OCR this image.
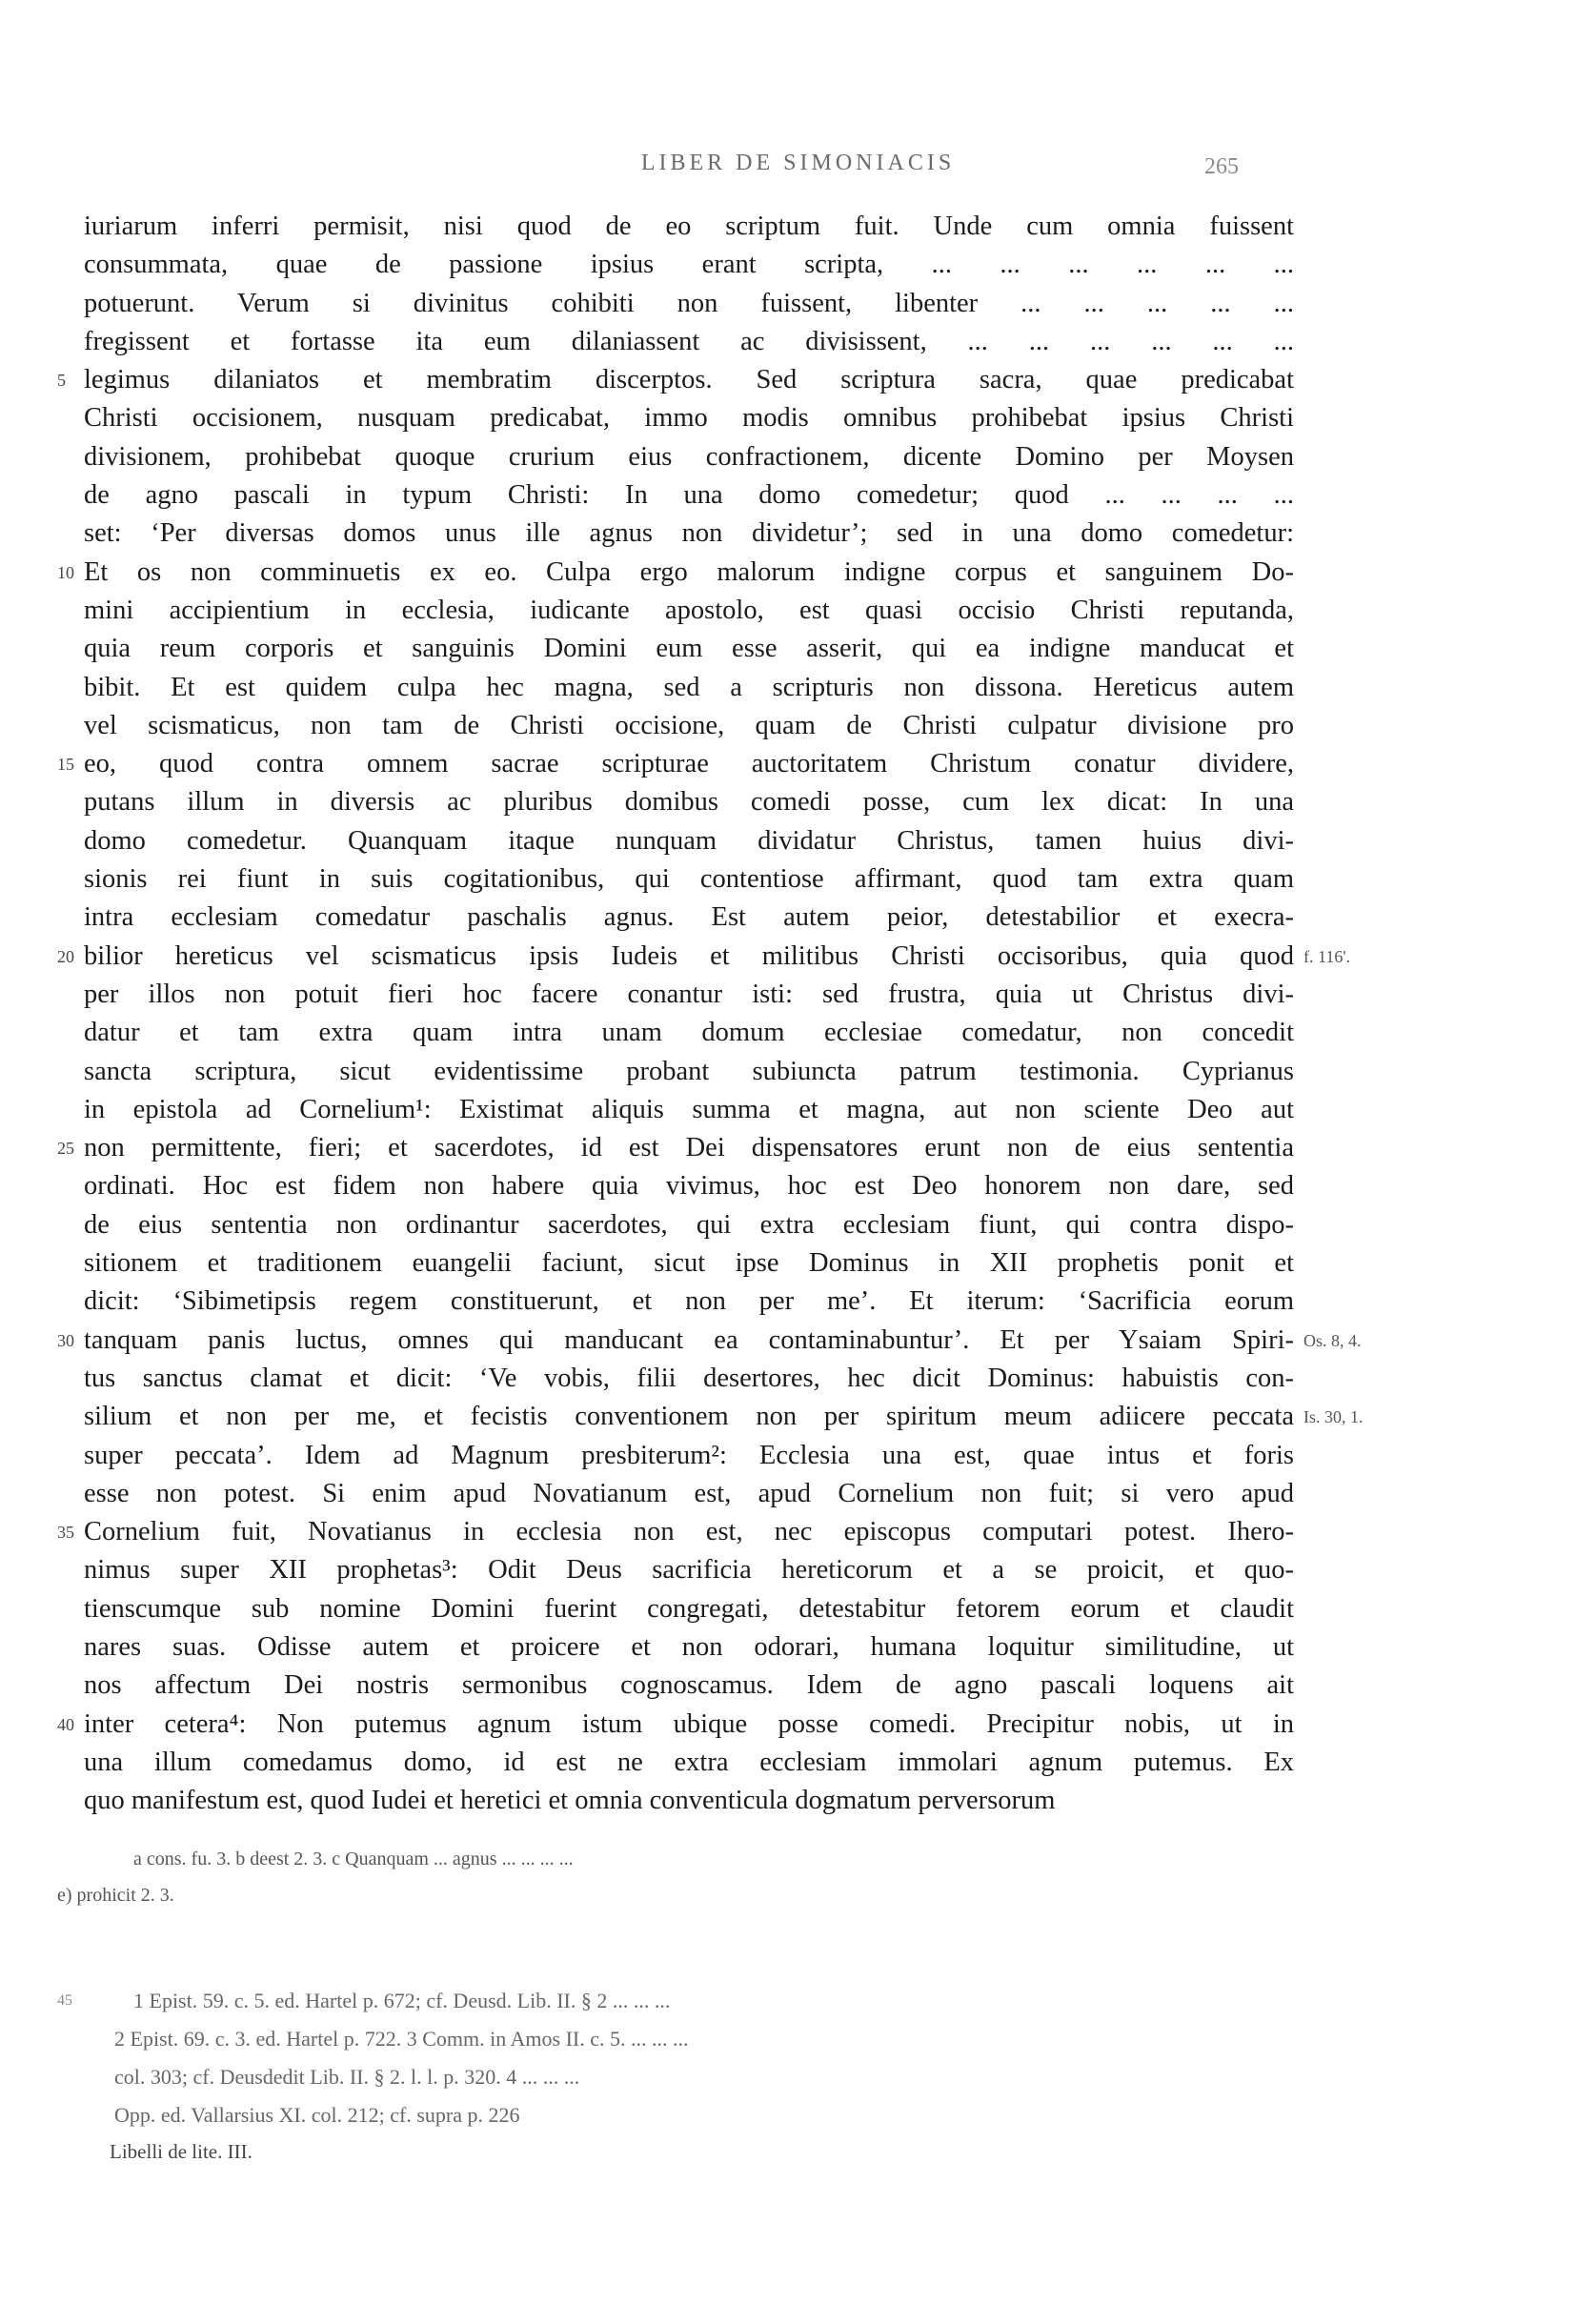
LIBER DE SIMONIACIS	265
iuriarum inferri permisit, nisi quod de eo scriptum fuit. Unde cum omnia fuissent
consummata, quae de passione ipsius erant scripta, ... ... ... ... ... ...
potuerunt. Verum si divinitus cohibiti non fuissent, libenter ... ... ... ... ...
fregissent et fortasse ita eum dilaniassent ac divisissent, ... ... ... ... ... ...
5 legimus dilaniatos et membratim discerptos. Sed scriptura sacra, quae predicabat
Christi occisionem, nusquam predicabat, immo modis omnibus prohibebat ipsius Christi
divisionem, prohibebat quoque crurium eius confractionem, dicente Domino per Moysen
de agno pascali in typum Christi: In una domo comedetur; quod ... ... ... ...
set: ‘Per diversas domos unus ille agnus non dividetur’; sed in una domo comedetur:
10 Et os non comminuetis ex eo. Culpa ergo malorum indigne corpus et sanguinem Do-
mini accipientium in ecclesia, iudicante apostolo, est quasi occisio Christi reputanda,
quia reum corporis et sanguinis Domini eum esse asserit, qui ea indigne manducat et
bibit. Et est quidem culpa hec magna, sed a scripturis non dissona. Hereticus autem
vel scismaticus, non tam de Christi occisione, quam de Christi culpatur divisione pro
15 eo, quod contra omnem sacrae scripturae auctoritatem Christum conatur dividere,
putans illum in diversis ac pluribus domibus comedi posse, cum lex dicat: In una
domo comedetur. Quanquam itaque nunquam dividatur Christus, tamen huius divi-
sionis rei fiunt in suis cogitationibus, qui contentiose affirmant, quod tam extra quam
intra ecclesiam comedatur paschalis agnus. Est autem peior, detestabilior et execra-
20 bilior hereticus vel scismaticus ipsis Iudeis et militibus Christi occisoribus, quia quod f. 116'.
per illos non potuit fieri hoc facere conantur isti: sed frustra, quia ut Christus divi-
datur et tam extra quam intra unam domum ecclesiae comedatur, non concedit
sancta scriptura, sicut evidentissime probant subiuncta patrum testimonia. Cyprianus
in epistola ad Cornelium¹: Existimat aliquis summa et magna, aut non sciente Deo aut
25 non permittente, fieri; et sacerdotes, id est Dei dispensatores erunt non de eius sententia
ordinati. Hoc est fidem non habere quia vivimus, hoc est Deo honorem non dare, sed
de eius sententia non ordinantur sacerdotes, qui extra ecclesiam fiunt, qui contra dispo-
sitionem et traditionem euangelii faciunt, sicut ipse Dominus in XII prophetis ponit et
dicit: ‘Sibimetipsis regem constituerunt, et non per me’. Et iterum: ‘Sacrificia eorum
30 tanquam panis luctus, omnes qui manducant ea contaminabuntur’. Et per Ysaiam Spiri- Os. 8, 4.
tus sanctus clamat et dicit: ‘Ve vobis, filii desertores, hec dicit Dominus: habuistis con-
silium et non per me, et fecistis conventionem non per spiritum meum adiicere peccata Is. 30, 1.
super peccata’. Idem ad Magnum presbiterum²: Ecclesia una est, quae intus et foris
esse non potest. Si enim apud Novatianum est, apud Cornelium non fuit; si vero apud
35 Cornelium fuit, Novatianus in ecclesia non est, nec episcopus computari potest. Ihero-
nimus super XII prophetas³: Odit Deus sacrificia hereticorum et a se proicit, et quo-
tienscumque sub nomine Domini fuerint congregati, detestabitur fetorem eorum et claudit
nares suas. Odisse autem et proicere et non odorari, humana loquitur similitudine, ut
nos affectum Dei nostris sermonibus cognoscamus. Idem de agno pascali loquens ait
40 inter cetera⁴: Non putemus agnum istum ubique posse comedi. Precipitur nobis, ut in
una illum comedamus domo, id est ne extra ecclesiam immolari agnum putemus. Ex
quo manifestum est, quod Iudei et heretici et omnia conventicula dogmatum perversorum
a cons. fu. 3. b deest 2. 3. c Quanquam ... agnus ... ... ... ...
e) prohicit 2. 3.
45	1 Epist. 59. c. 5. ed. Hartel p. 672; cf. Deusd. Lib. II. § 2 ... ... ...
2 Epist. 69. c. 3. ed. Hartel p. 722. 3 Comm. in Amos II. c. 5. ... ... ...
col. 303; cf. Deusdedit Lib. II. § 2. l. l. p. 320. 4 ... ... ...
Opp. ed. Vallarsius XI. col. 212; cf. supra p. 226
Libelli de lite. III.
